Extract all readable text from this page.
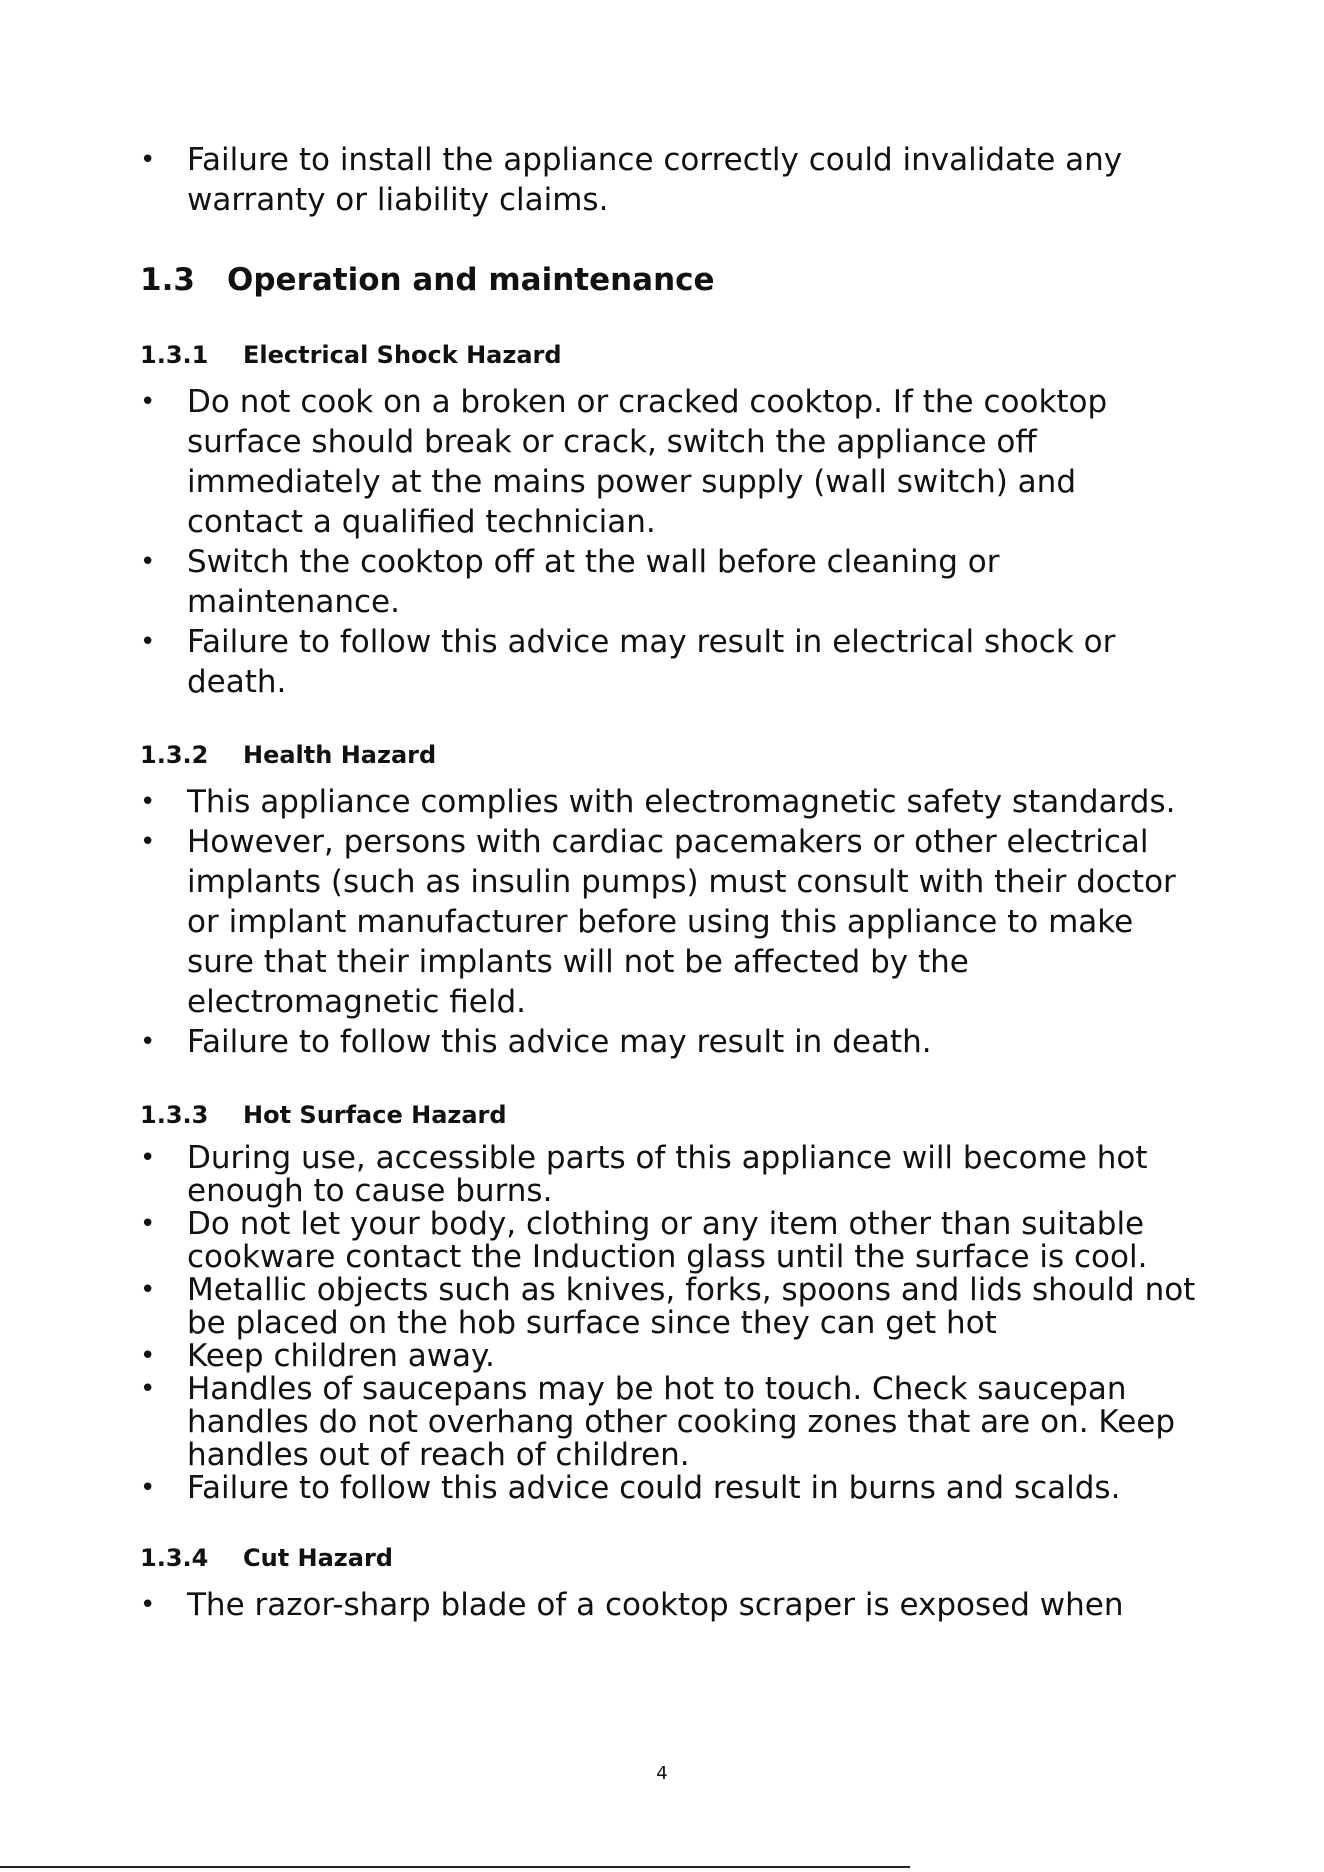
• Failure to install the appliance correctly could invalidate any warranty or liability claims.
1.3 Operation and maintenance
1.3.1 Electrical Shock Hazard
• Do not cook on a broken or cracked cooktop. If the cooktop surface should break or crack, switch the appliance off immediately at the mains power supply (wall switch) and contact a qualified technician.
• Switch the cooktop off at the wall before cleaning or maintenance.
• Failure to follow this advice may result in electrical shock or death.
1.3.2 Health Hazard
• This appliance complies with electromagnetic safety standards.
• However, persons with cardiac pacemakers or other electrical implants (such as insulin pumps) must consult with their doctor or implant manufacturer before using this appliance to make sure that their implants will not be affected by the electromagnetic field.
• Failure to follow this advice may result in death.
1.3.3 Hot Surface Hazard
• During use, accessible parts of this appliance will become hot enough to cause burns.
• Do not let your body, clothing or any item other than suitable cookware contact the Induction glass until the surface is cool.
• Metallic objects such as knives, forks, spoons and lids should not be placed on the hob surface since they can get hot
• Keep children away.
• Handles of saucepans may be hot to touch. Check saucepan handles do not overhang other cooking zones that are on. Keep handles out of reach of children.
• Failure to follow this advice could result in burns and scalds.
1.3.4 Cut Hazard
• The razor-sharp blade of a cooktop scraper is exposed when
4
